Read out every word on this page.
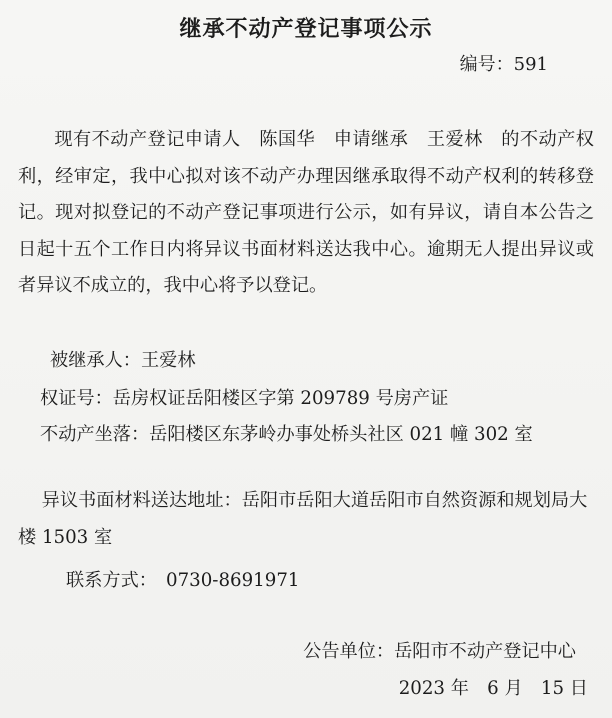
继承不动产登记事项公示
编号：591
现有不动产登记申请人　陈国华　申请继承　王爱林　的不动产权利，经审定，我中心拟对该不动产办理因继承取得不动产权利的转移登记。现对拟登记的不动产登记事项进行公示，如有异议，请自本公告之日起十五个工作日内将异议书面材料送达我中心。逾期无人提出异议或者异议不成立的，我中心将予以登记。
被继承人：王爱林
权证号：岳房权证岳阳楼区字第 209789 号房产证
不动产坐落：岳阳楼区东茅岭办事处桥头社区 021 幢 302 室
异议书面材料送达地址：岳阳市岳阳大道岳阳市自然资源和规划局大楼 1503 室
联系方式：　0730-8691971
公告单位：岳阳市不动产登记中心
2023 年　6 月　15 日
